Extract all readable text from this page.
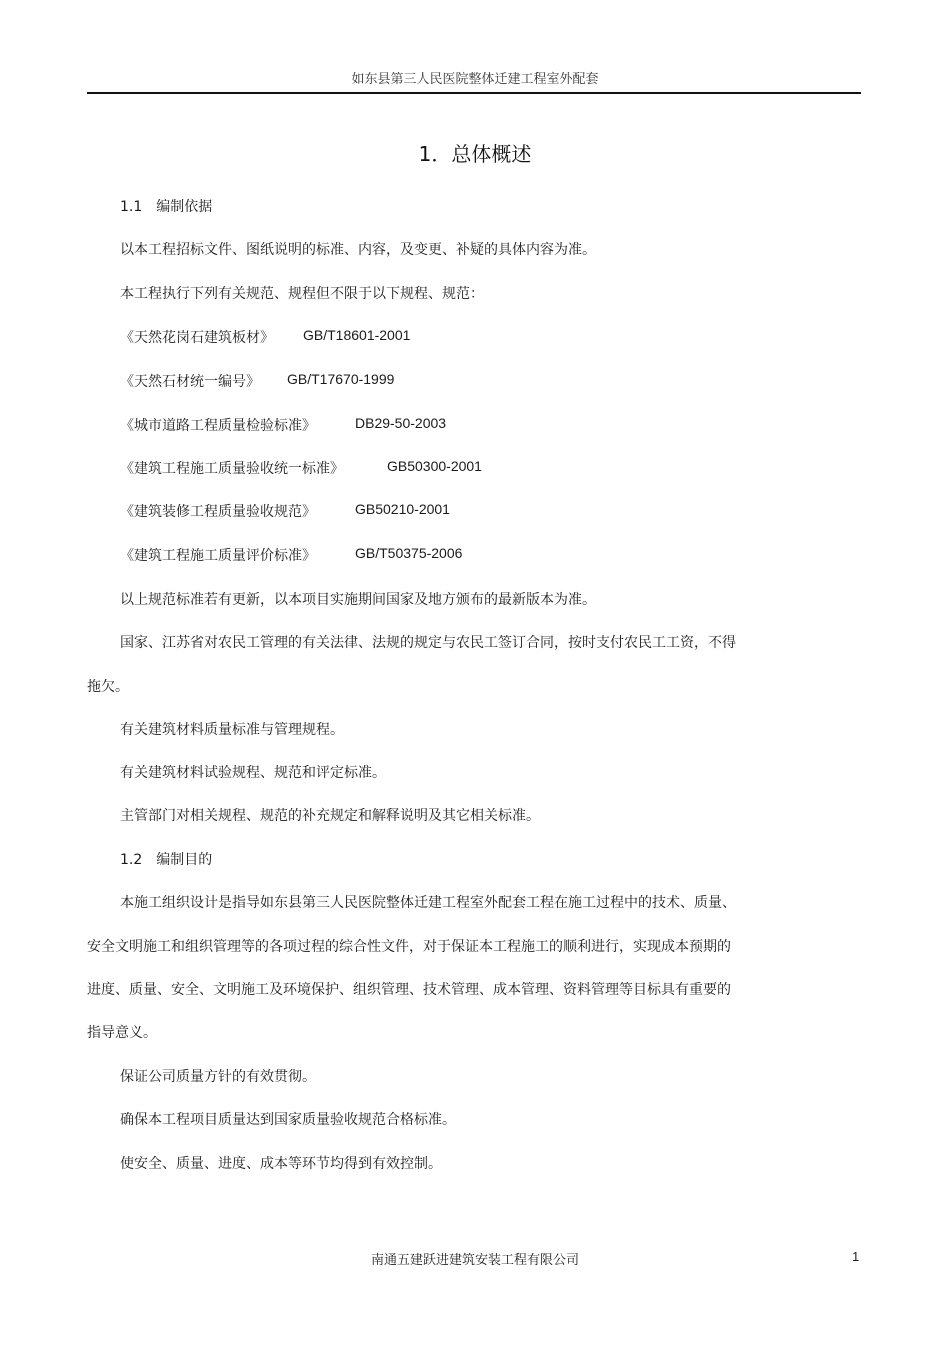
如东县第三人民医院整体迁建工程室外配套
1．总体概述
1.1　编制依据
以本工程招标文件、图纸说明的标准、内容，及变更、补疑的具体内容为准。
本工程执行下列有关规范、规程但不限于以下规程、规范：
《天然花岗石建筑板材》 GB/T18601-2001
《天然石材统一编号》 GB/T17670-1999
《城市道路工程质量检验标准》	DB29-50-2003
《建筑工程施工质量验收统一标准》	GB50300-2001
《建筑装修工程质量验收规范》	GB50210-2001
《建筑工程施工质量评价标准》	GB/T50375-2006
以上规范标准若有更新，以本项目实施期间国家及地方颁布的最新版本为准。
国家、江苏省对农民工管理的有关法律、法规的规定与农民工签订合同，按时支付农民工工资，不得
拖欠。
有关建筑材料质量标准与管理规程。
有关建筑材料试验规程、规范和评定标准。
主管部门对相关规程、规范的补充规定和解释说明及其它相关标准。
1.2　编制目的
本施工组织设计是指导如东县第三人民医院整体迁建工程室外配套工程在施工过程中的技术、质量、
安全文明施工和组织管理等的各项过程的综合性文件，对于保证本工程施工的顺利进行，实现成本预期的
进度、质量、安全、文明施工及环境保护、组织管理、技术管理、成本管理、资料管理等目标具有重要的
指导意义。
保证公司质量方针的有效贯彻。
确保本工程项目质量达到国家质量验收规范合格标准。
使安全、质量、进度、成本等环节均得到有效控制。
南通五建跃进建筑安装工程有限公司	1
